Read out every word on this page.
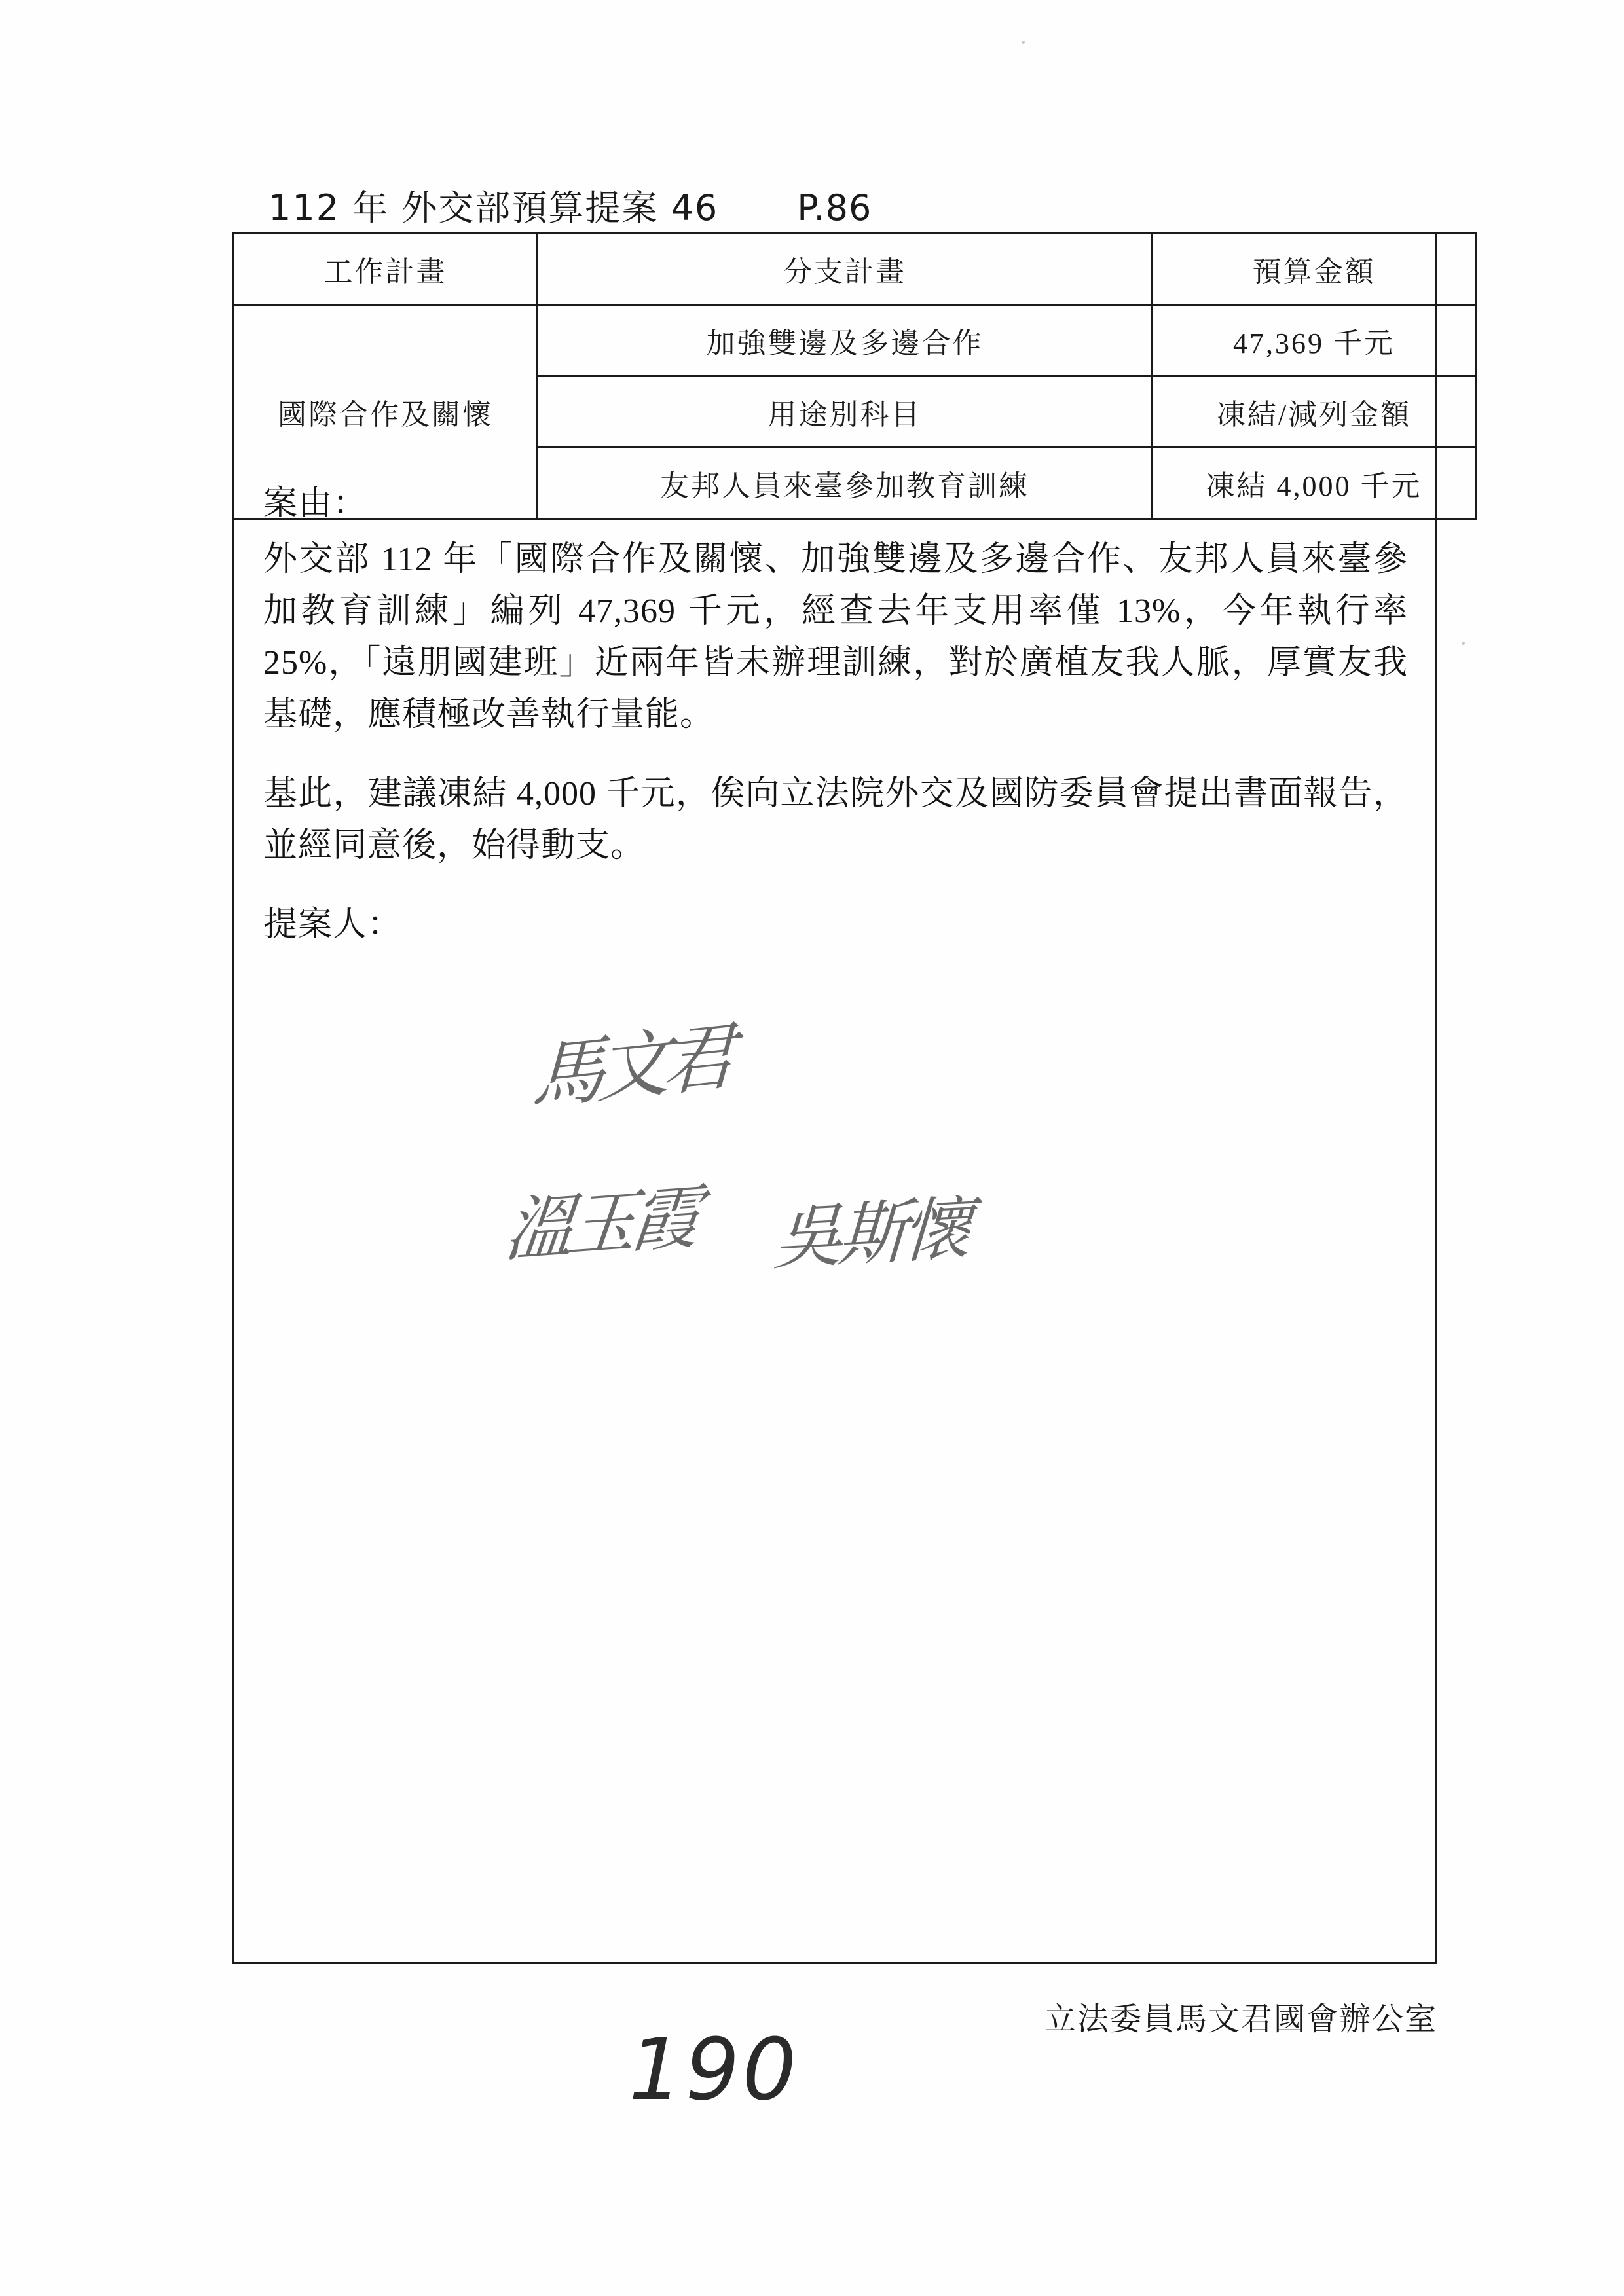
112 年 外交部預算提案 46 P.86
工作計畫	分支計畫	預算金額
國際合作及關懷	加強雙邊及多邊合作	47,369 千元
	用途別科目	凍結/減列金額
	友邦人員來臺參加教育訓練	凍結 4,000 千元

案由：

外交部 112 年「國際合作及關懷、加強雙邊及多邊合作、友邦人員來臺參加教育訓練」編列 47,369 千元，經查去年支用率僅 13%，今年執行率 25%，「遠朋國建班」近兩年皆未辦理訓練，對於廣植友我人脈，厚實友我基礎，應積極改善執行量能。

基此，建議凍結 4,000 千元，俟向立法院外交及國防委員會提出書面報告，並經同意後，始得動支。

提案人：

馬文君
溫玉霞 吳斯懷
立法委員馬文君國會辦公室
190
